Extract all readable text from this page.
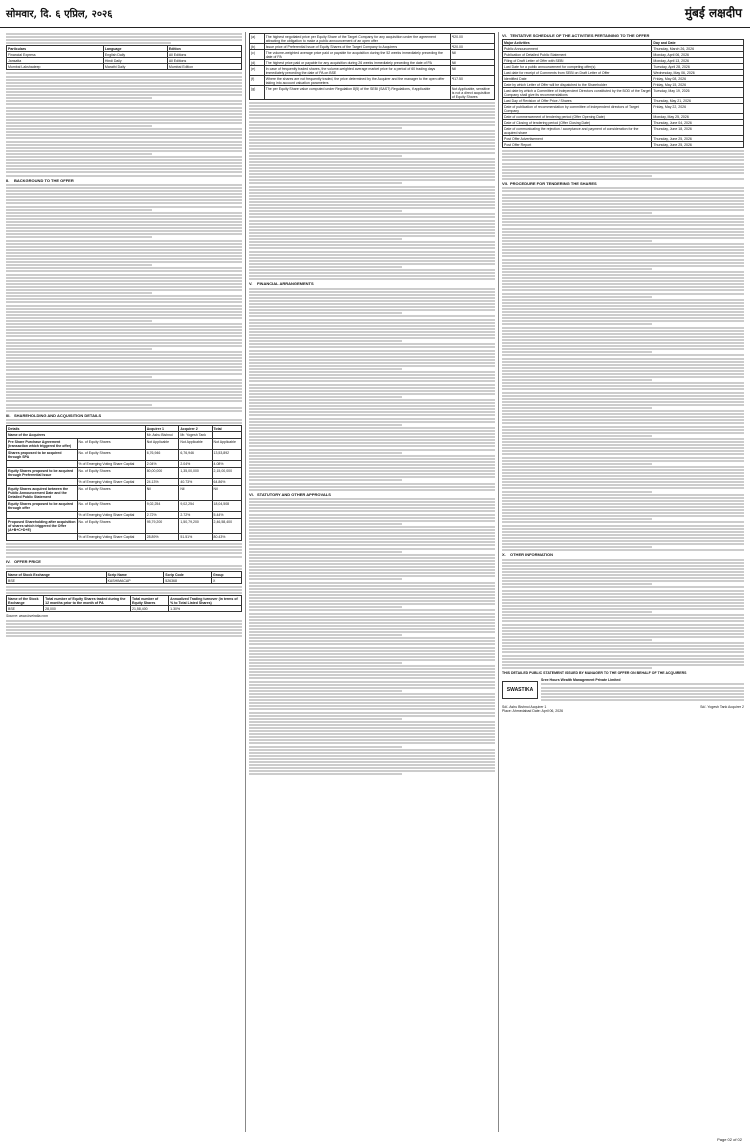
सोमवार, दि. ६ एप्रिल, २०२६	मुंबई लक्षदीप
Particulars	Language	Edition
Financial Express	English Daily	All Editions
Jansatta	Hindi Daily	All Editions
Mumbai Lakshadeep	Marathi Daily	Mumbai Edition
II.	BACKGROUND TO THE OFFER
III. SHAREHOLDING AND ACQUISITION DETAILS
Details		Acquirer 1	Acquirer 2	Total
Name of the Acquirers		Mr. Ashu Bishnoi	Mr. Yogesh Tank	
Pre Share Purchase Agreement (transaction which triggered the offer)	No. of Equity Shares	Not Applicable	Not Applicable	Not Applicable
Shares proposed to be acquired through SPA	No. of Equity Shares	6,76,946	6,76,946	13,53,892
	% of Emerging Voting Share Capital	2.04%	2.04%	4.08%
Equity Shares proposed to be acquired through Preferential Issue	No. of Equity Shares	80,00,000	1,35,00,000	2,15,00,000
	% of Emerging Voting Share Capital	24.13%	40.73%	64.86%
Equity Shares acquired between the Public Announcement Date and the Detailed Public Statement	No. of Equity Shares	Nil	Nil	Nil
Equity Shares proposed to be acquired through offer	No. of Equity Shares	9,02,254	9,02,254	18,04,508
	% of Emerging Voting Share Capital	2.72%	2.72%	5.44%
Proposed Shareholding after acquisition of shares which triggered the Offer (A+B+C+D+E)	No. of Equity Shares	95,79,200	1,50,79,200	2,46,58,400
	% of Emerging Voting Share Capital	28.89%	51.51%	80.43%
IV. OFFER PRICE
Name of Stock Exchange	Scrip Name	Scrip Code	Group
BSE	KASHIMACAP	526368	X
Name of the Stock Exchange	Total number of Equity Shares traded during the 12 months prior to the month of PA	Total number of Equity Shares	Annualized Trading turnover (in terms of % to Total Listed Shares)
BSE	28,000	21,58,400	1.30%

Source: www.bseindia.com

(a)	The highest negotiated price per Equity Share of the Target Company for any acquisition under the agreement attracting the obligation to make a public announcement of an open offer	₹20.00
(b)	Issue price of Preferential Issue of Equity Shares of the Target Company to Acquirers	₹20.00
(c)	The volume-weighted average price paid or payable for acquisition during the 52 weeks immediately preceding the date of PA	Nil
(d)	The highest price paid or payable for any acquisition during 26 weeks immediately preceding the date of PA	Nil
(e)	In case of frequently traded shares, the volume-weighted average market price for a period of 60 trading days immediately preceding the date of PA on BSE	Nil
(f)	Where the shares are not frequently traded, the price determined by the Acquirer and the manager to the open offer taking into account valuation parameters	₹17.50
(g)	The per Equity Share value computed under Regulation 8(5) of the SEBI (SAST) Regulations, if applicable	Not Applicable, sensitive is not a direct acquisition of Equity Shares
V.	FINANCIAL ARRANGEMENTS
VI. STATUTORY AND OTHER APPROVALS
VI. TENTATIVE SCHEDULE OF THE ACTIVITIES PERTAINING TO THE OFFER
Major Activities	Day and Date
Public Announcement	Thursday, March 26, 2026
Publication of Detailed Public Statement	Monday, April 06, 2026
Filing of Draft Letter of Offer with SEBI	Monday, April 13, 2026
Last Date for a public announcement for competing offer(s)	Tuesday, April 28, 2026
Last date for receipt of Comments from SEBI on Draft Letter of Offer	Wednesday, May 06, 2026
Identified Date	Friday, May 08, 2026
Date by which Letter of Offer will be dispatched to the Shareholder	Friday, May 15, 2026
Last date by which a Committee of Independent Directors constituted by the BOD of the Target Company shall give its recommendations	Tuesday, May 19, 2026
Last Day of Revision of Offer Price / Shares	Thursday, May 21, 2026
Date of publication of recommendation by committee of independent directors of Target Company	Friday, May 22, 2026
Date of commencement of tendering period (Offer Opening Date)	Monday, May 25, 2026
Date of Closing of tendering period (Offer Closing Date)	Thursday, June 04, 2026
Date of communicating the rejection / acceptance and payment of consideration for the acquired share	Thursday, June 18, 2026
Post Offer Advertisement	Thursday, June 25, 2026
Post Offer Report	Thursday, June 25, 2026
VII. PROCEDURE FOR TENDERING THE SHARES
X.	OTHER INFORMATION

THIS DETAILED PUBLIC STATEMENT ISSUED BY MANAGER TO THE OFFER ON BEHALF OF THE ACQUIRERS

SWASTIKA

Sree Hours Wealth Management Private Limited

Sd/- Ashu Bishnoi Acquirer 1	Sd/- Yogesh Tank Acquirer 2

Place: Ahmedabad Date: April 06, 2026

Page 02 of 02
